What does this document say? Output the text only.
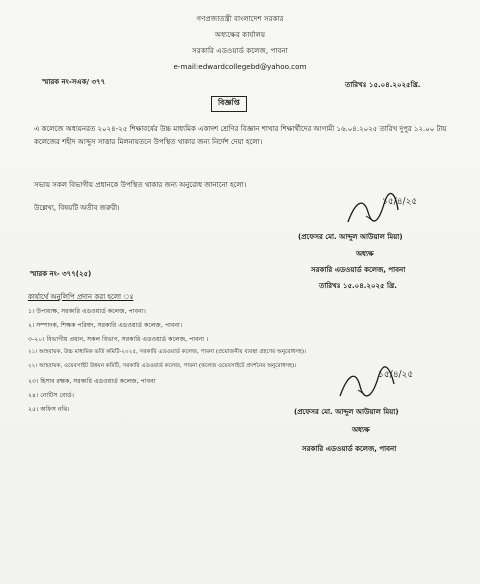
গণপ্রজাতন্ত্রী বাংলাদেশ সরকার
অধ্যক্ষের কার্যালয়
সরকারি এডওয়ার্ড কলেজ, পাবনা
e-mail:edwardcollegebd@yahoo.com
স্মারক নং-সএক/ ৩৭৭	তারিখঃ ১৫.০৪.২০২৫খ্রি.
বিজ্ঞপ্তি
এ কলেজে অধ্যয়নরত ২০২৪-২৫ শিক্ষাবর্ষের উচ্চ মাধ্যমিক একাদশ শ্রেণির বিজ্ঞান শাখার শিক্ষার্থীদের আগামী ১৬.০৪.২০২৫ তারিখ দুপুর ১২.০০ টায় কলেজের শহীদ আব্দুস সাত্তার মিলনায়তনে উপস্থিত থাকার জন্য নির্দেশ দেয়া হলো।
সভায় সকল বিভাগীয় প্রধানকে উপস্থিত থাকার জন্য অনুরোধ জানানো হলো।
উল্লেখ্য, বিষয়টি অতীব জরুরী।
১৫/৪/২৫
(প্রফেসর মো. আব্দুল আউয়াল মিয়া)
অধ্যক্ষ
সরকারি এডওয়ার্ড কলেজ, পাবনা
তারিখঃ ১৫.০৪.২০২৫ খ্রি.
স্মারক নং- ৩৭৭(২৫)
কার্যার্থে অনুলিপি প্রদান করা হলো ঃ
১। উপাধ্যক্ষ, সরকারি এডওয়ার্ড কলেজ, পাবনা।
২। সম্পাদক, শিক্ষক পরিষদ, সরকারি এডওয়ার্ড কলেজ, পাবনা।
৩-২০। বিভাগীয় প্রধান, সকল বিভাগ, সরকারি এডওয়ার্ড কলেজ, পাবনা ।
২১। আহবায়ক, উচ্চ মাধ্যমিক ভর্তি কমিটি-২০২৫, সরকারি এডওয়ার্ড কলেজ, পাবনা (প্রয়োজনীয় ব্যবস্থা গ্রহণের অনুরোধসহ)।
২২। আহবায়ক, ওয়েবসাইট উন্নয়ন কমিটি, সরকারি এডওয়ার্ড কলেজ, পাবনা (কলেজ ওয়েবসাইটে প্রদর্শনের অনুরোধসহ)।
২৩। হিসাব রক্ষক, সরকারি এডওয়ার্ড কলেজ, পাবনা
২৪। নোটিস বোর্ড।
২৫। অফিস নথি।
১৫/৪/২৫
(প্রফেসর মো. আব্দুল আউয়াল মিয়া)
অধ্যক্ষ
সরকারি এডওয়ার্ড কলেজ, পাবনা
